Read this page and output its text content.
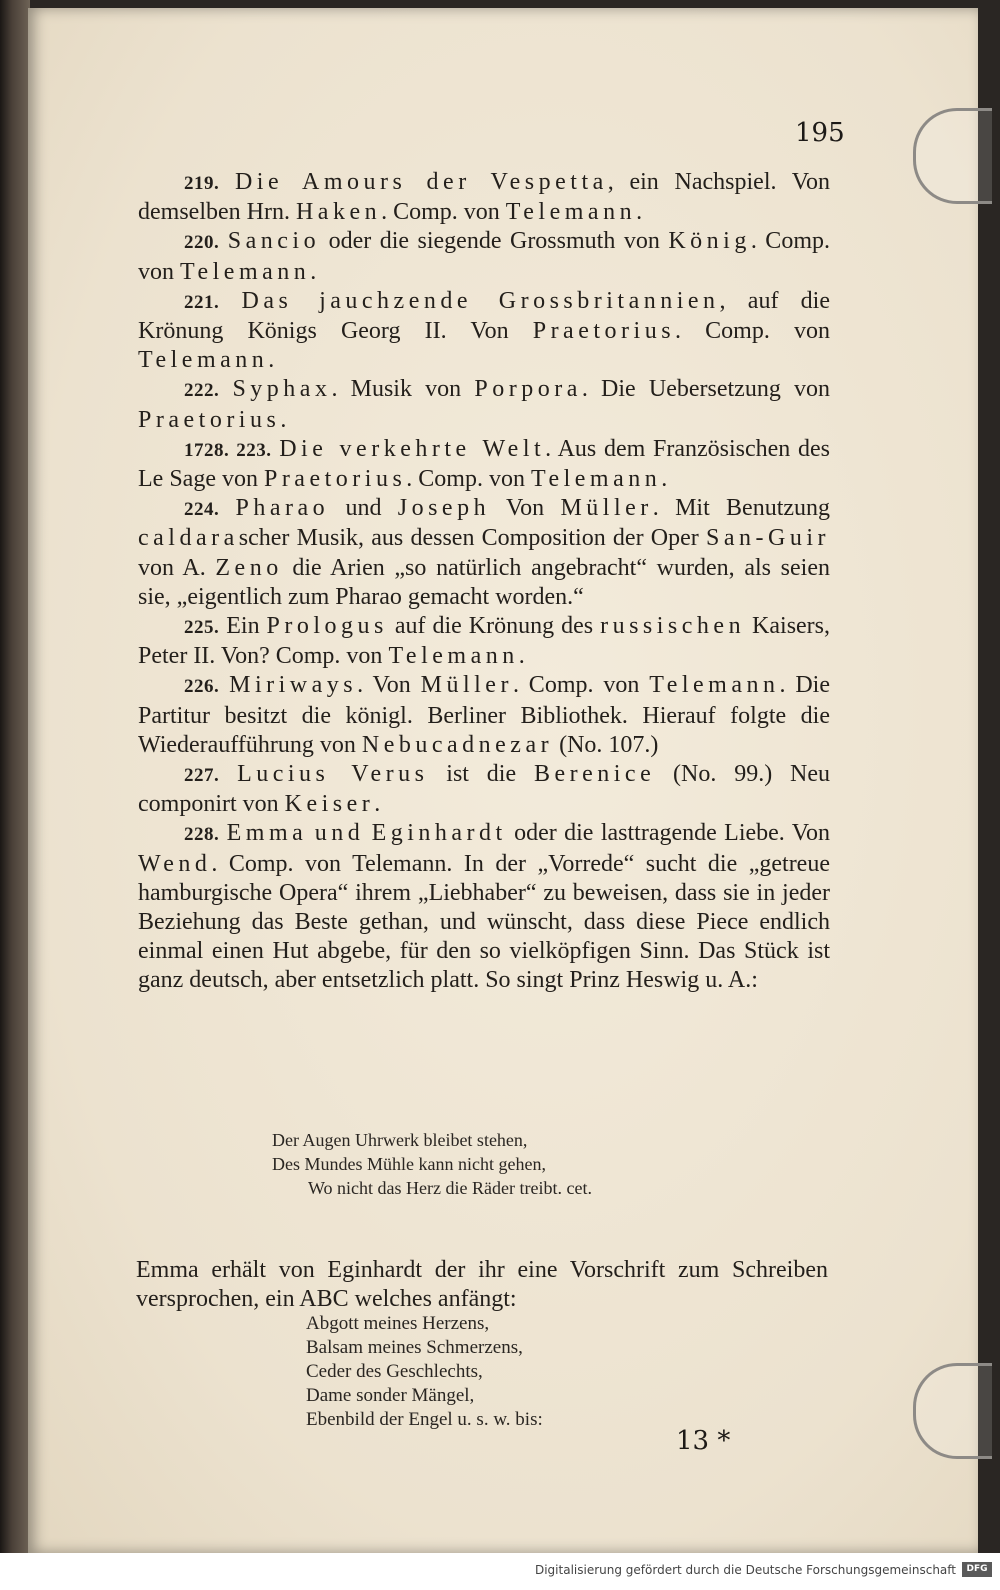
195

219. Die Amours der Vespetta, ein Nachspiel. Von demselben Hrn. Haken. Comp. von Telemann.

220. Sancio oder die siegende Grossmuth von König. Comp. von Telemann.

221. Das jauchzende Grossbritannien, auf die Krönung Königs Georg II. Von Praetorius. Comp. von Telemann.

222. Syphax. Musik von Porpora. Die Uebersetzung von Praetorius.

1728. 223. Die verkehrte Welt. Aus dem Französischen des Le Sage von Praetorius. Comp. von Telemann.

224. Pharao und Joseph Von Müller. Mit Benutzung caldarascher Musik, aus dessen Composition der Oper San-Guir von A. Zeno die Arien „so natürlich angebracht“ wurden, als seien sie, „eigentlich zum Pharao gemacht worden.“

225. Ein Prologus auf die Krönung des russischen Kaisers, Peter II. Von? Comp. von Telemann.

226. Miriways. Von Müller. Comp. von Telemann. Die Partitur besitzt die königl. Berliner Bibliothek. Hierauf folgte die Wiederaufführung von Nebucadnezar (No. 107.)

227. Lucius Verus ist die Berenice (No. 99.) Neu componirt von Keiser.

228. Emma und Eginhardt oder die lasttragende Liebe. Von Wend. Comp. von Telemann. In der „Vorrede“ sucht die „getreue hamburgische Opera“ ihrem „Liebhaber“ zu beweisen, dass sie in jeder Beziehung das Beste gethan, und wünscht, dass diese Piece endlich einmal einen Hut abgebe, für den so vielköpfigen Sinn. Das Stück ist ganz deutsch, aber entsetzlich platt. So singt Prinz Heswig u. A.:

Der Augen Uhrwerk bleibet stehen,
Des Mundes Mühle kann nicht gehen,
Wo nicht das Herz die Räder treibt. cet.

Emma erhält von Eginhardt der ihr eine Vorschrift zum Schreiben versprochen, ein ABC welches anfängt:

Abgott meines Herzens,
Balsam meines Schmerzens,
Ceder des Geschlechts,
Dame sonder Mängel,
Ebenbild der Engel u. s. w. bis:
13 *
Digitalisierung gefördert durch die Deutsche Forschungsgemeinschaft	DFG
